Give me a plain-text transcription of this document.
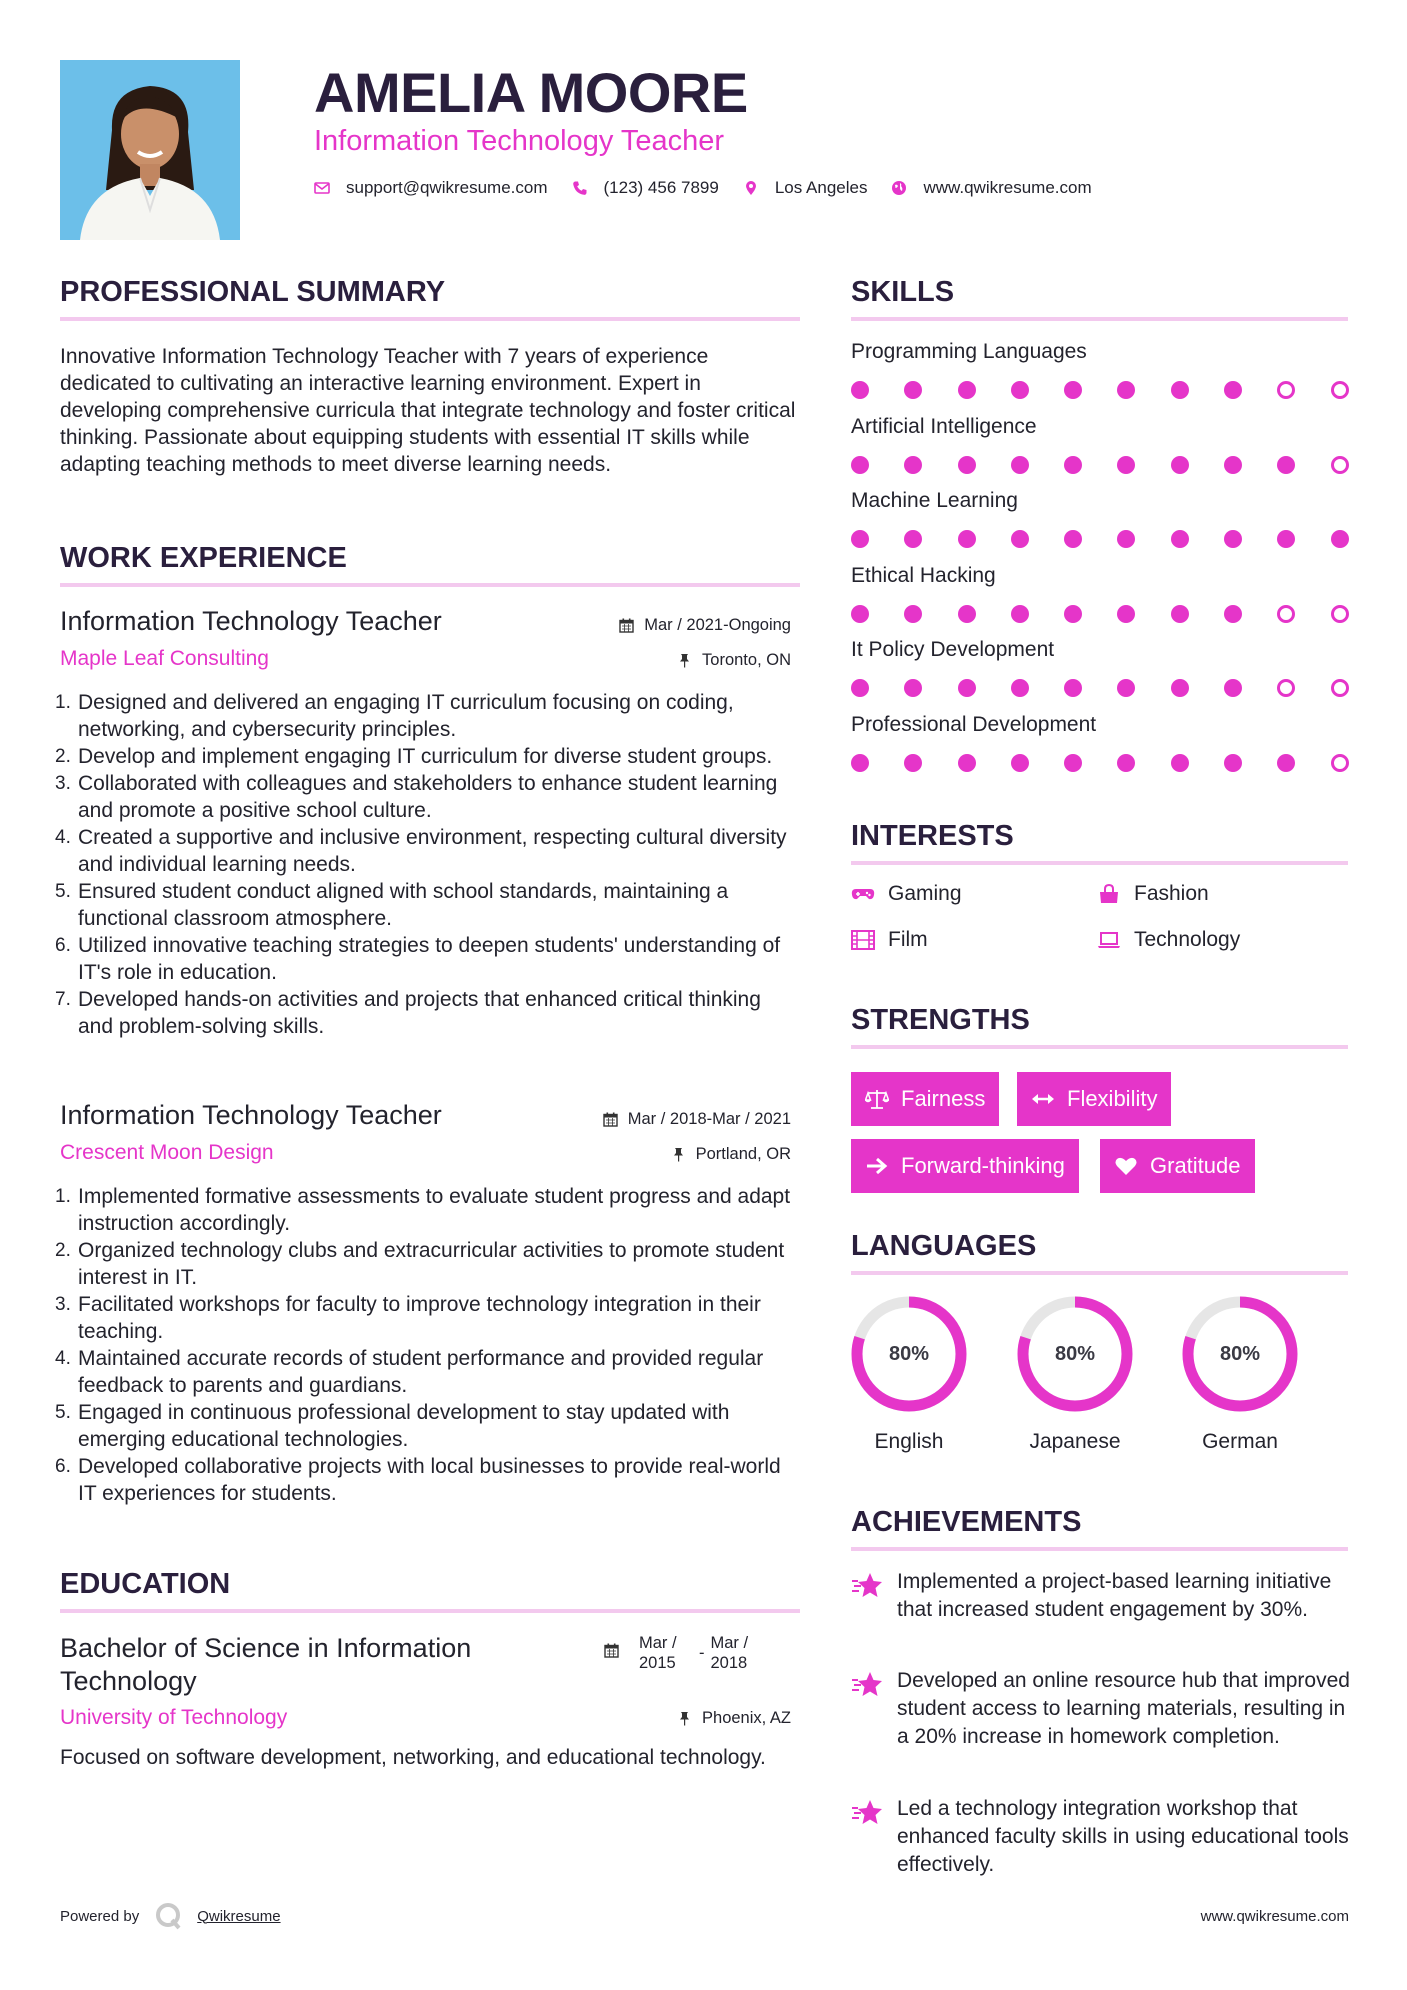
AMELIA MOORE
Information Technology Teacher
support@qwikresume.com	(123) 456 7899	Los Angeles	www.qwikresume.com
PROFESSIONAL SUMMARY
Innovative Information Technology Teacher with 7 years of experience dedicated to cultivating an interactive learning environment. Expert in developing comprehensive curricula that integrate technology and foster critical thinking. Passionate about equipping students with essential IT skills while adapting teaching methods to meet diverse learning needs.
WORK EXPERIENCE
Information Technology Teacher	Mar / 2021-Ongoing
Maple Leaf Consulting	Toronto, ON
Designed and delivered an engaging IT curriculum focusing on coding, networking, and cybersecurity principles.
Develop and implement engaging IT curriculum for diverse student groups.
Collaborated with colleagues and stakeholders to enhance student learning and promote a positive school culture.
Created a supportive and inclusive environment, respecting cultural diversity and individual learning needs.
Ensured student conduct aligned with school standards, maintaining a functional classroom atmosphere.
Utilized innovative teaching strategies to deepen students' understanding of IT's role in education.
Developed hands-on activities and projects that enhanced critical thinking and problem-solving skills.
Information Technology Teacher	Mar / 2018-Mar / 2021
Crescent Moon Design	Portland, OR
Implemented formative assessments to evaluate student progress and adapt instruction accordingly.
Organized technology clubs and extracurricular activities to promote student interest in IT.
Facilitated workshops for faculty to improve technology integration in their teaching.
Maintained accurate records of student performance and provided regular feedback to parents and guardians.
Engaged in continuous professional development to stay updated with emerging educational technologies.
Developed collaborative projects with local businesses to provide real-world IT experiences for students.
EDUCATION
Bachelor of Science in Information Technology
Mar / 2015
-
Mar / 2018
University of Technology	Phoenix, AZ
Focused on software development, networking, and educational technology.
SKILLS
Programming Languages
Artificial Intelligence
Machine Learning
Ethical Hacking
It Policy Development
Professional Development
INTERESTS
Gaming	Fashion
Film	Technology
STRENGTHS
Fairness	Flexibility
Forward-thinking	Gratitude
LANGUAGES
80%
English
80%
Japanese
80%
German
ACHIEVEMENTS
Implemented a project-based learning initiative that increased student engagement by 30%.
Developed an online resource hub that improved student access to learning materials, resulting in a 20% increase in homework completion.
Led a technology integration workshop that enhanced faculty skills in using educational tools effectively.
Powered by	Qwikresume	www.qwikresume.com
